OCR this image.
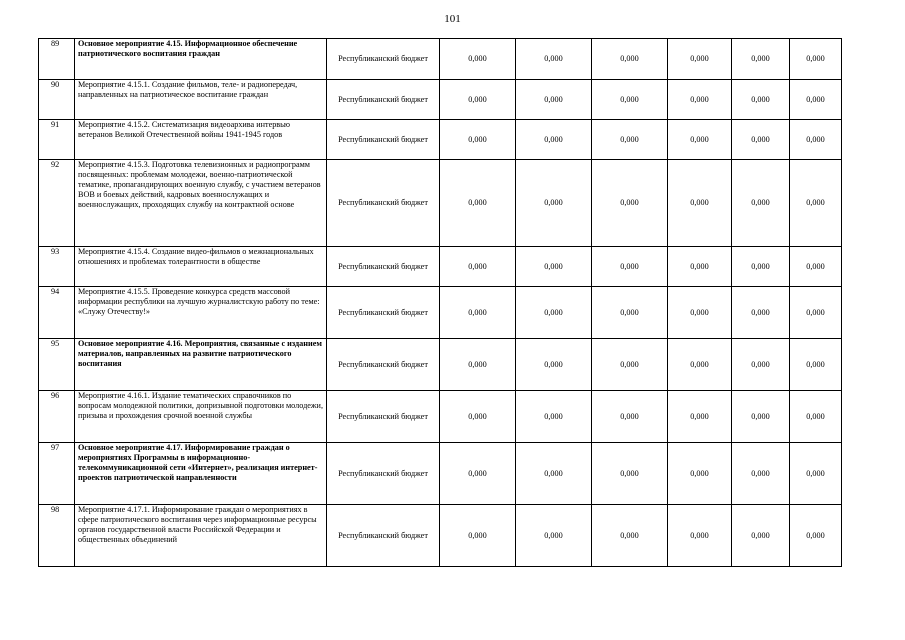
101
89	Основное мероприятие 4.15. Информационное обеспечение патриотического воспитания граждан	Республиканский бюджет	0,000	0,000	0,000	0,000	0,000	0,000
90	Мероприятие 4.15.1. Создание фильмов, теле- и радиопередач, направленных на патриотическое воспитание граждан	Республиканский бюджет	0,000	0,000	0,000	0,000	0,000	0,000
91	Мероприятие 4.15.2. Систематизация видеоархива интервью ветеранов Великой Отечественной войны 1941-1945 годов	Республиканский бюджет	0,000	0,000	0,000	0,000	0,000	0,000
92	Мероприятие 4.15.3. Подготовка телевизионных и радиопрограмм посвященных: проблемам молодежи, военно-патриотической тематике, пропагандирующих военную службу, с участием ветеранов ВОВ и боевых действий, кадровых военнослужащих и военнослужащих, проходящих службу на контрактной основе	Республиканский бюджет	0,000	0,000	0,000	0,000	0,000	0,000
93	Мероприятие 4.15.4. Создание видео-фильмов о межнациональных отношениях и проблемах толерантности в обществе	Республиканский бюджет	0,000	0,000	0,000	0,000	0,000	0,000
94	Мероприятие 4.15.5. Проведение конкурса средств массовой информации республики на лучшую журналистскую работу по теме: «Служу Отечеству!»	Республиканский бюджет	0,000	0,000	0,000	0,000	0,000	0,000
95	Основное мероприятие 4.16. Мероприятия, связанные с изданием материалов, направленных на развитие патриотического воспитания	Республиканский бюджет	0,000	0,000	0,000	0,000	0,000	0,000
96	Мероприятие 4.16.1. Издание тематических справочников по вопросам молодежной политики, допризывной подготовки молодежи, призыва и прохождения срочной военной службы	Республиканский бюджет	0,000	0,000	0,000	0,000	0,000	0,000
97	Основное мероприятие 4.17. Информирование граждан о мероприятиях Программы в информационно-телекоммуникационной сети «Интернет», реализация интернет-проектов патриотической направленности	Республиканский бюджет	0,000	0,000	0,000	0,000	0,000	0,000
98	Мероприятие 4.17.1. Информирование граждан о мероприятиях в сфере патриотического воспитания через информационные ресурсы органов государственной власти Российской Федерации и общественных объединений	Республиканский бюджет	0,000	0,000	0,000	0,000	0,000	0,000
